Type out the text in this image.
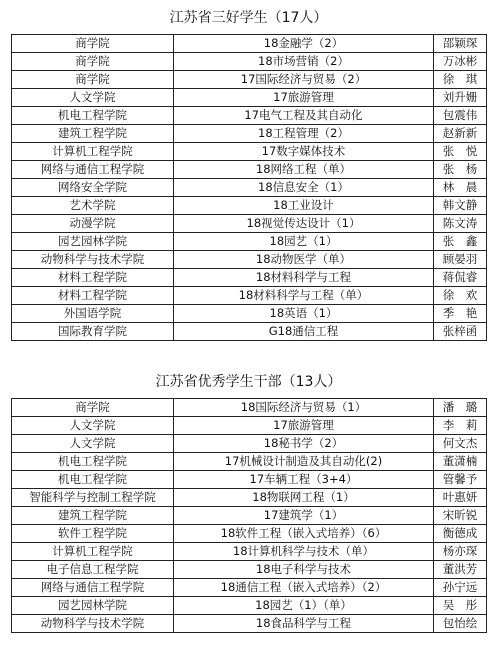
江苏省三好学生（17人）
商学院	18金融学（2）	邵颖琛
商学院	18市场营销（2）	万冰彬
商学院	17国际经济与贸易（2）	徐　琪
人文学院	17旅游管理	刘升姗
机电工程学院	17电气工程及其自动化	包震伟
建筑工程学院	18工程管理（2）	赵新新
计算机工程学院	17数字媒体技术	张　悦
网络与通信工程学院	18网络工程（单）	张　杨
网络安全学院	18信息安全（1）	林　晨
艺术学院	18工业设计	韩文静
动漫学院	18视觉传达设计（1）	陈文涛
园艺园林学院	18园艺（1）	张　鑫
动物科学与技术学院	18动物医学（单）	顾晏羽
材料工程学院	18材料科学与工程	蒋侃睿
材料工程学院	18材料科学与工程（单）	徐　欢
外国语学院	18英语（1）	季　艳
国际教育学院	G18通信工程	张梓函
江苏省优秀学生干部（13人）
商学院	18国际经济与贸易（1）	潘　璐
人文学院	17旅游管理	李　莉
人文学院	18秘书学（2）	何文杰
机电工程学院	17机械设计制造及其自动化(2)	董潇楠
机电工程学院	17车辆工程（3+4）	管馨予
智能科学与控制工程学院	18物联网工程（1）	叶惠妍
建筑工程学院	17建筑学（1）	宋昕锐
软件工程学院	18软件工程（嵌入式培养）（6）	衡德成
计算机工程学院	18计算机科学与技术（单）	杨亦琛
电子信息工程学院	18电子科学与技术	董洪芳
网络与通信工程学院	18通信工程（嵌入式培养）（2）	孙宁远
园艺园林学院	18园艺（1）（单）	吴　彤
动物科学与技术学院	18食品科学与工程	包怡绘
